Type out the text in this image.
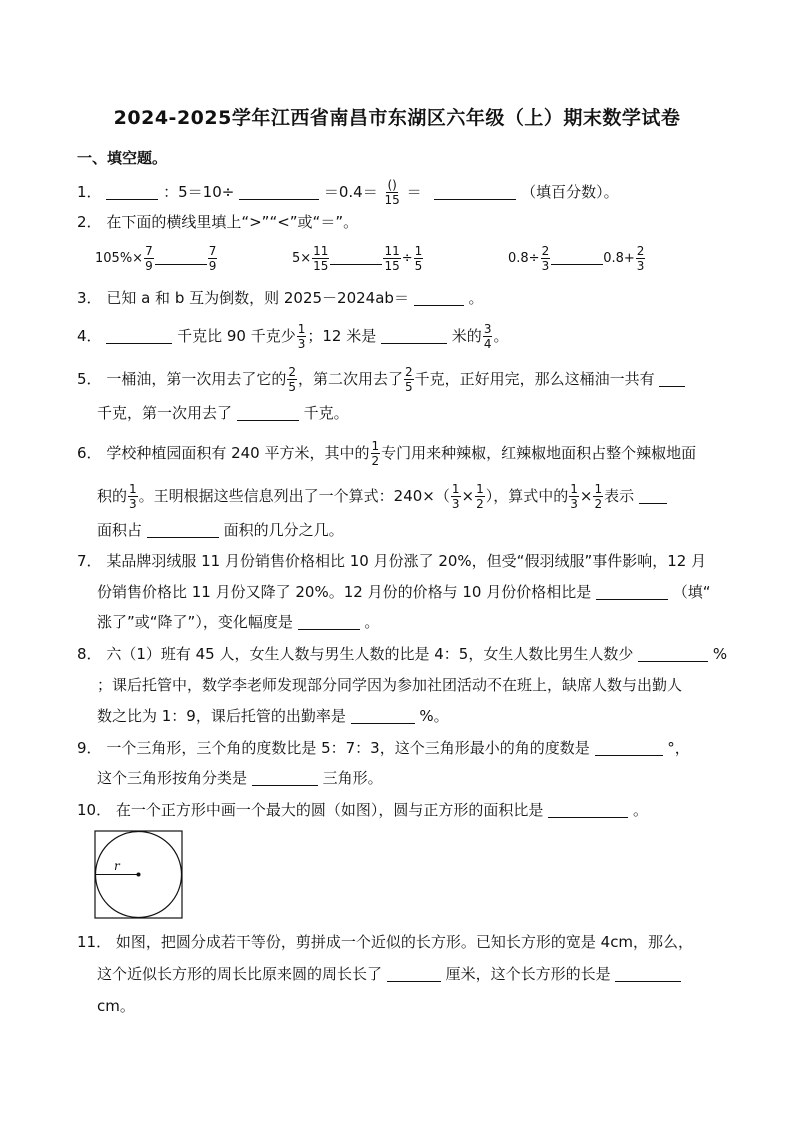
2024-2025学年江西省南昌市东湖区六年级（上）期末数学试卷
一、填空题。
1．	：5＝10÷	$=0.4= \frac{()}{15}$ ＝	（填百分数）。
2． 在下面的横线里填上“>”“<”或“＝”。
$105\%\times \frac{7}{9}$	$\frac{7}{9}$	$5\times \frac{11}{15}$	$\frac{11}{15} \div \frac{1}{5}$	$0.8\div \frac{2}{3}$	$0.8+ \frac{2}{3}$
3． 已知 a 和 b 互为倒数，则 2025－2024ab＝	。
4．	千克比 90 千克少 $\frac{1}{3}$ ；12 米是	米的 $\frac{3}{4}$ 。
5． 一桶油，第一次用去了它的 $\frac{2}{5}$ ，第二次用去了 $\frac{2}{5}$ 千克，正好用完，那么这桶油一共有
千克，第一次用去了	千克。
6． 学校种植园面积有 240 平方米，其中的 $\frac{1}{2}$ 专门用来种辣椒，红辣椒地面积占整个辣椒地面
积的 $\frac{1}{3}$ 。王明根据这些信息列出了一个算式：$240\times( \frac{1}{3} \times \frac{1}{2}$ ），算式中的 $\frac{1}{3} \times \frac{1}{2}$ 表示
面积占	面积的几分之几。
7． 某品牌羽绒服 11 月份销售价格相比 10 月份涨了 20%，但受“假羽绒服”事件影响，12 月
份销售价格比 11 月份又降了 20%。12 月份的价格与 10 月份价格相比是	（填“
涨了”或“降了”），变化幅度是	。
8． 六（1）班有 45 人，女生人数与男生人数的比是 4：5，女生人数比男生人数少	%
；课后托管中，数学李老师发现部分同学因为参加社团活动不在班上，缺席人数与出勤人
数之比为 1：9，课后托管的出勤率是	%。
9． 一个三角形，三个角的度数比是 5：7：3，这个三角形最小的角的度数是	°，
这个三角形按角分类是	三角形。
10． 在一个正方形中画一个最大的圆（如图），圆与正方形的面积比是	。
r
11． 如图，把圆分成若干等份，剪拼成一个近似的长方形。已知长方形的宽是 4cm，那么，
这个近似长方形的周长比原来圆的周长长了	厘米，这个长方形的长是
cm。
